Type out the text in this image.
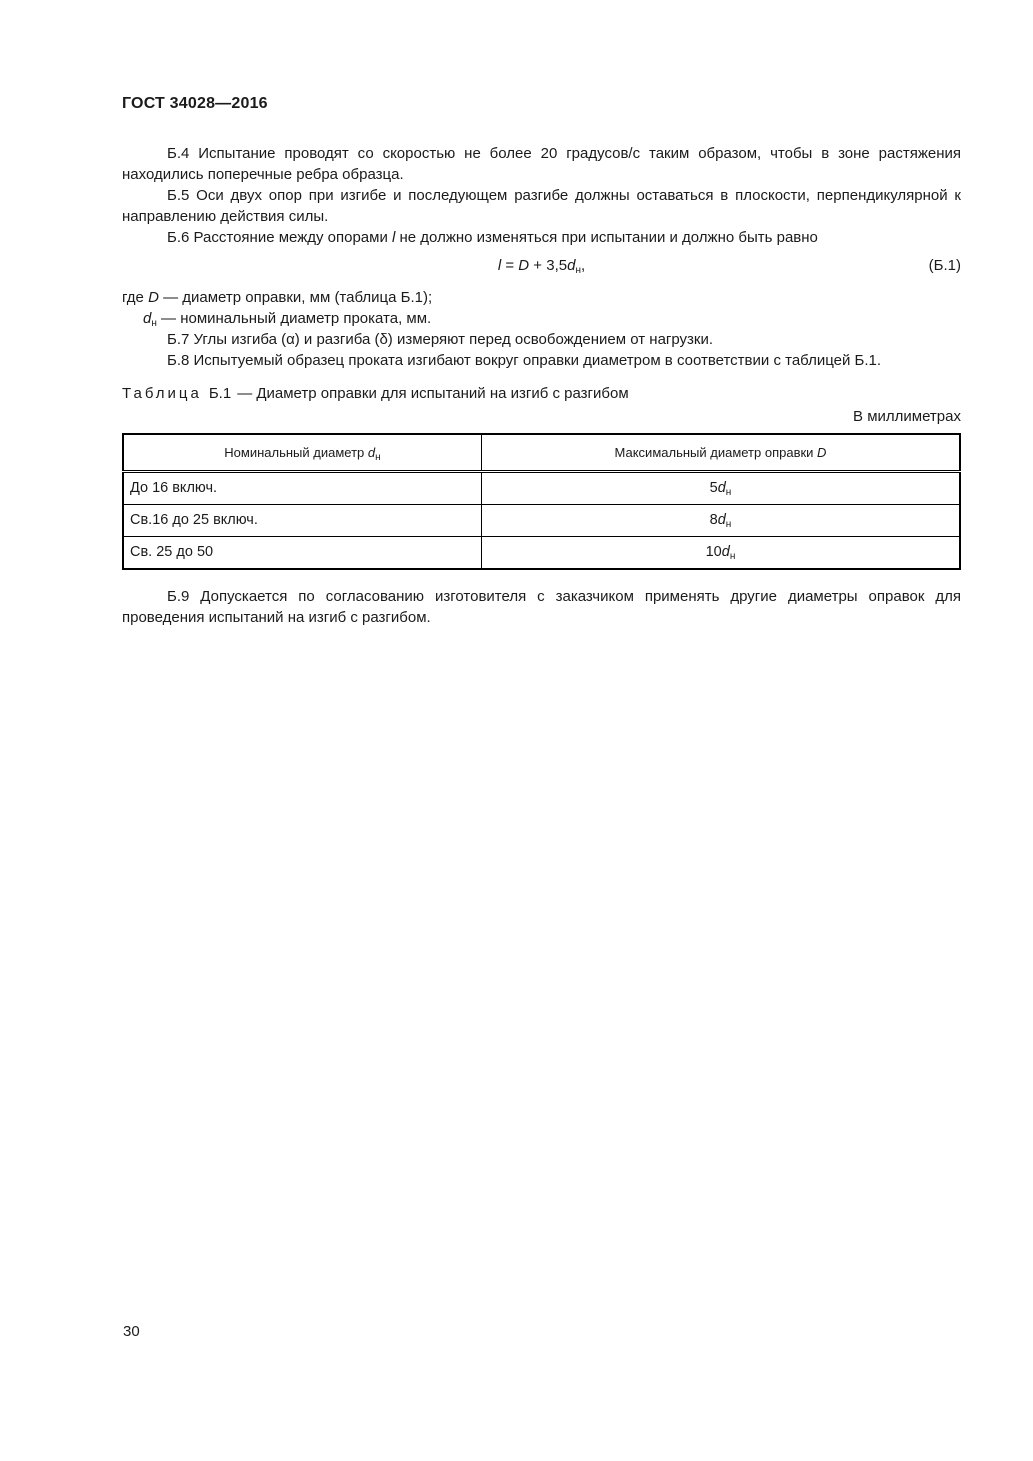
ГОСТ 34028—2016

Б.4 Испытание проводят со скоростью не более 20 градусов/с таким образом, чтобы в зоне растяжения находились поперечные ребра образца.

Б.5 Оси двух опор при изгибе и последующем разгибе должны оставаться в плоскости, перпендикулярной к направлению действия силы.

Б.6 Расстояние между опорами l не должно изменяться при испытании и должно быть равно

$l = D + 3,5d_н$,	(Б.1)

где D — диаметр оправки, мм (таблица Б.1);

$d_н$ — номинальный диаметр проката, мм.

Б.7 Углы изгиба (α) и разгиба (δ) измеряют перед освобождением от нагрузки.

Б.8 Испытуемый образец проката изгибают вокруг оправки диаметром в соответствии с таблицей Б.1.

Таблица Б.1 — Диаметр оправки для испытаний на изгиб с разгибом

В миллиметрах

Номинальный диаметр $d_н$	Максимальный диаметр оправки D
До 16 включ.	$5d_н$
Св.16 до 25 включ.	$8d_н$
Св. 25 до 50	$10d_н$

Б.9 Допускается по согласованию изготовителя с заказчиком применять другие диаметры оправок для проведения испытаний на изгиб с разгибом.

30
